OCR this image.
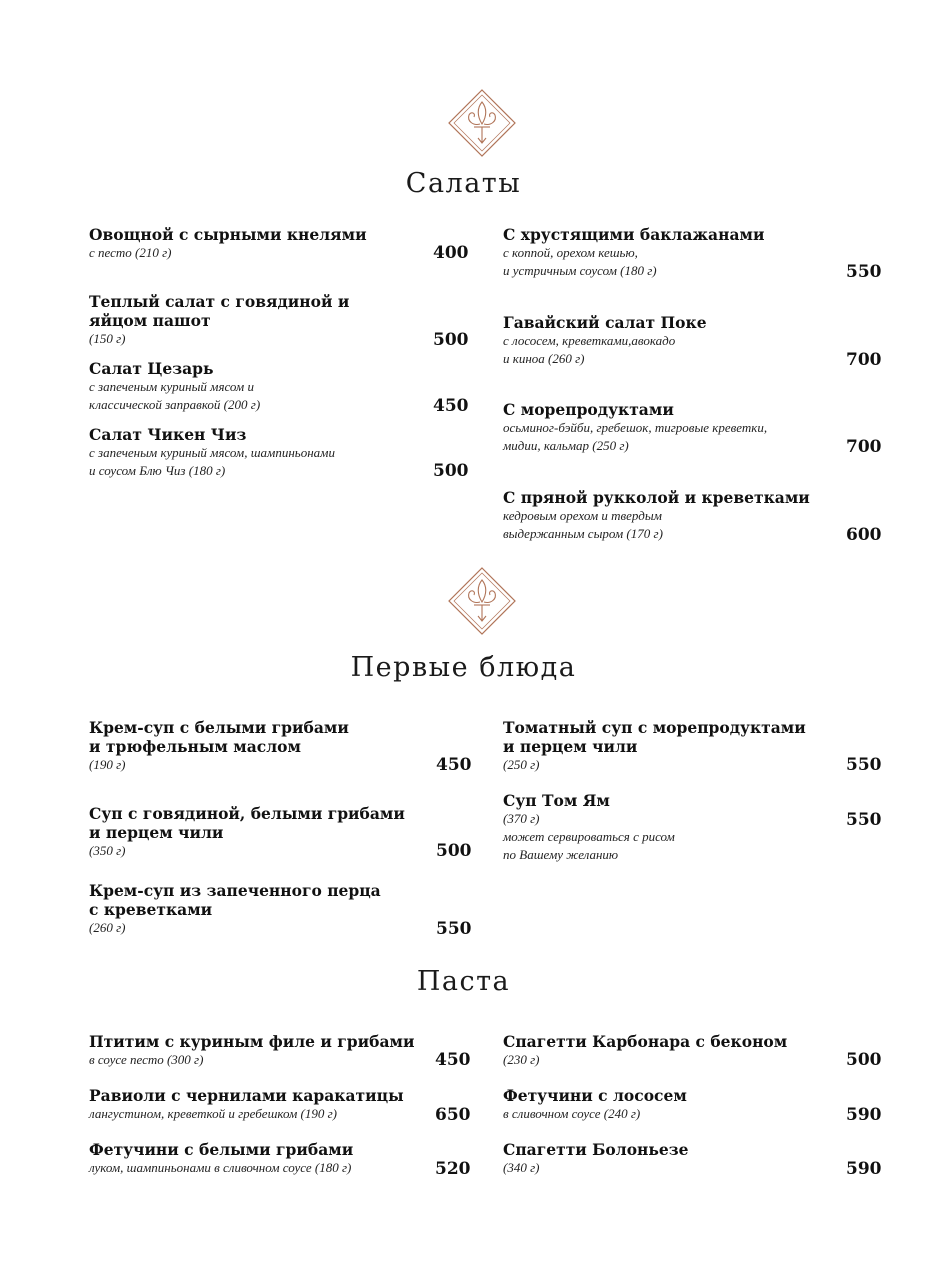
Салаты
Первые блюда
Паста
Овощной с сырными кнелями
с песто (210 г)	400
Теплый салат с говядиной и
яйцом пашот
(150 г)	500
Салат Цезарь
с запеченым куриный мясом и
классической заправкой (200 г)	450
Салат Чикен Чиз
с запеченым куриный мясом, шампиньонами
и соусом Блю Чиз (180 г)	500
С хрустящими баклажанами
с коппой, орехом кешью,
и устричным соусом (180 г)	550
Гавайский салат Поке
с лососем, креветками,авокадо
и киноа (260 г)	700
С морепродуктами
осьминог-бэйби, гребешок, тигровые креветки,
мидии, кальмар (250 г)	700
С пряной рукколой и креветками
кедровым орехом и твердым
выдержанным сыром (170 г)	600
Крем-суп с белыми грибами
и трюфельным маслом
(190 г)	450
Суп с говядиной, белыми грибами
и перцем чили
(350 г)	500
Крем-суп из запеченного перца
с креветками
(260 г)	550
Томатный суп с морепродуктами
и перцем чили
(250 г)	550
Суп Том Ям
(370 г)
может сервироваться с рисом
по Вашему желанию
550
Птитим с куриным филе и грибами
в соусе песто (300 г)	450
Равиоли с чернилами каракатицы
лангустином, креветкой и гребешком (190 г)	650
Фетучини с белыми грибами
луком, шампиньонами в сливочном соусе (180 г)	520
Спагетти Карбонара с беконом
(230 г)	500
Фетучини с лососем
в сливочном соусе (240 г)	590
Спагетти Болоньезе
(340 г)	590
